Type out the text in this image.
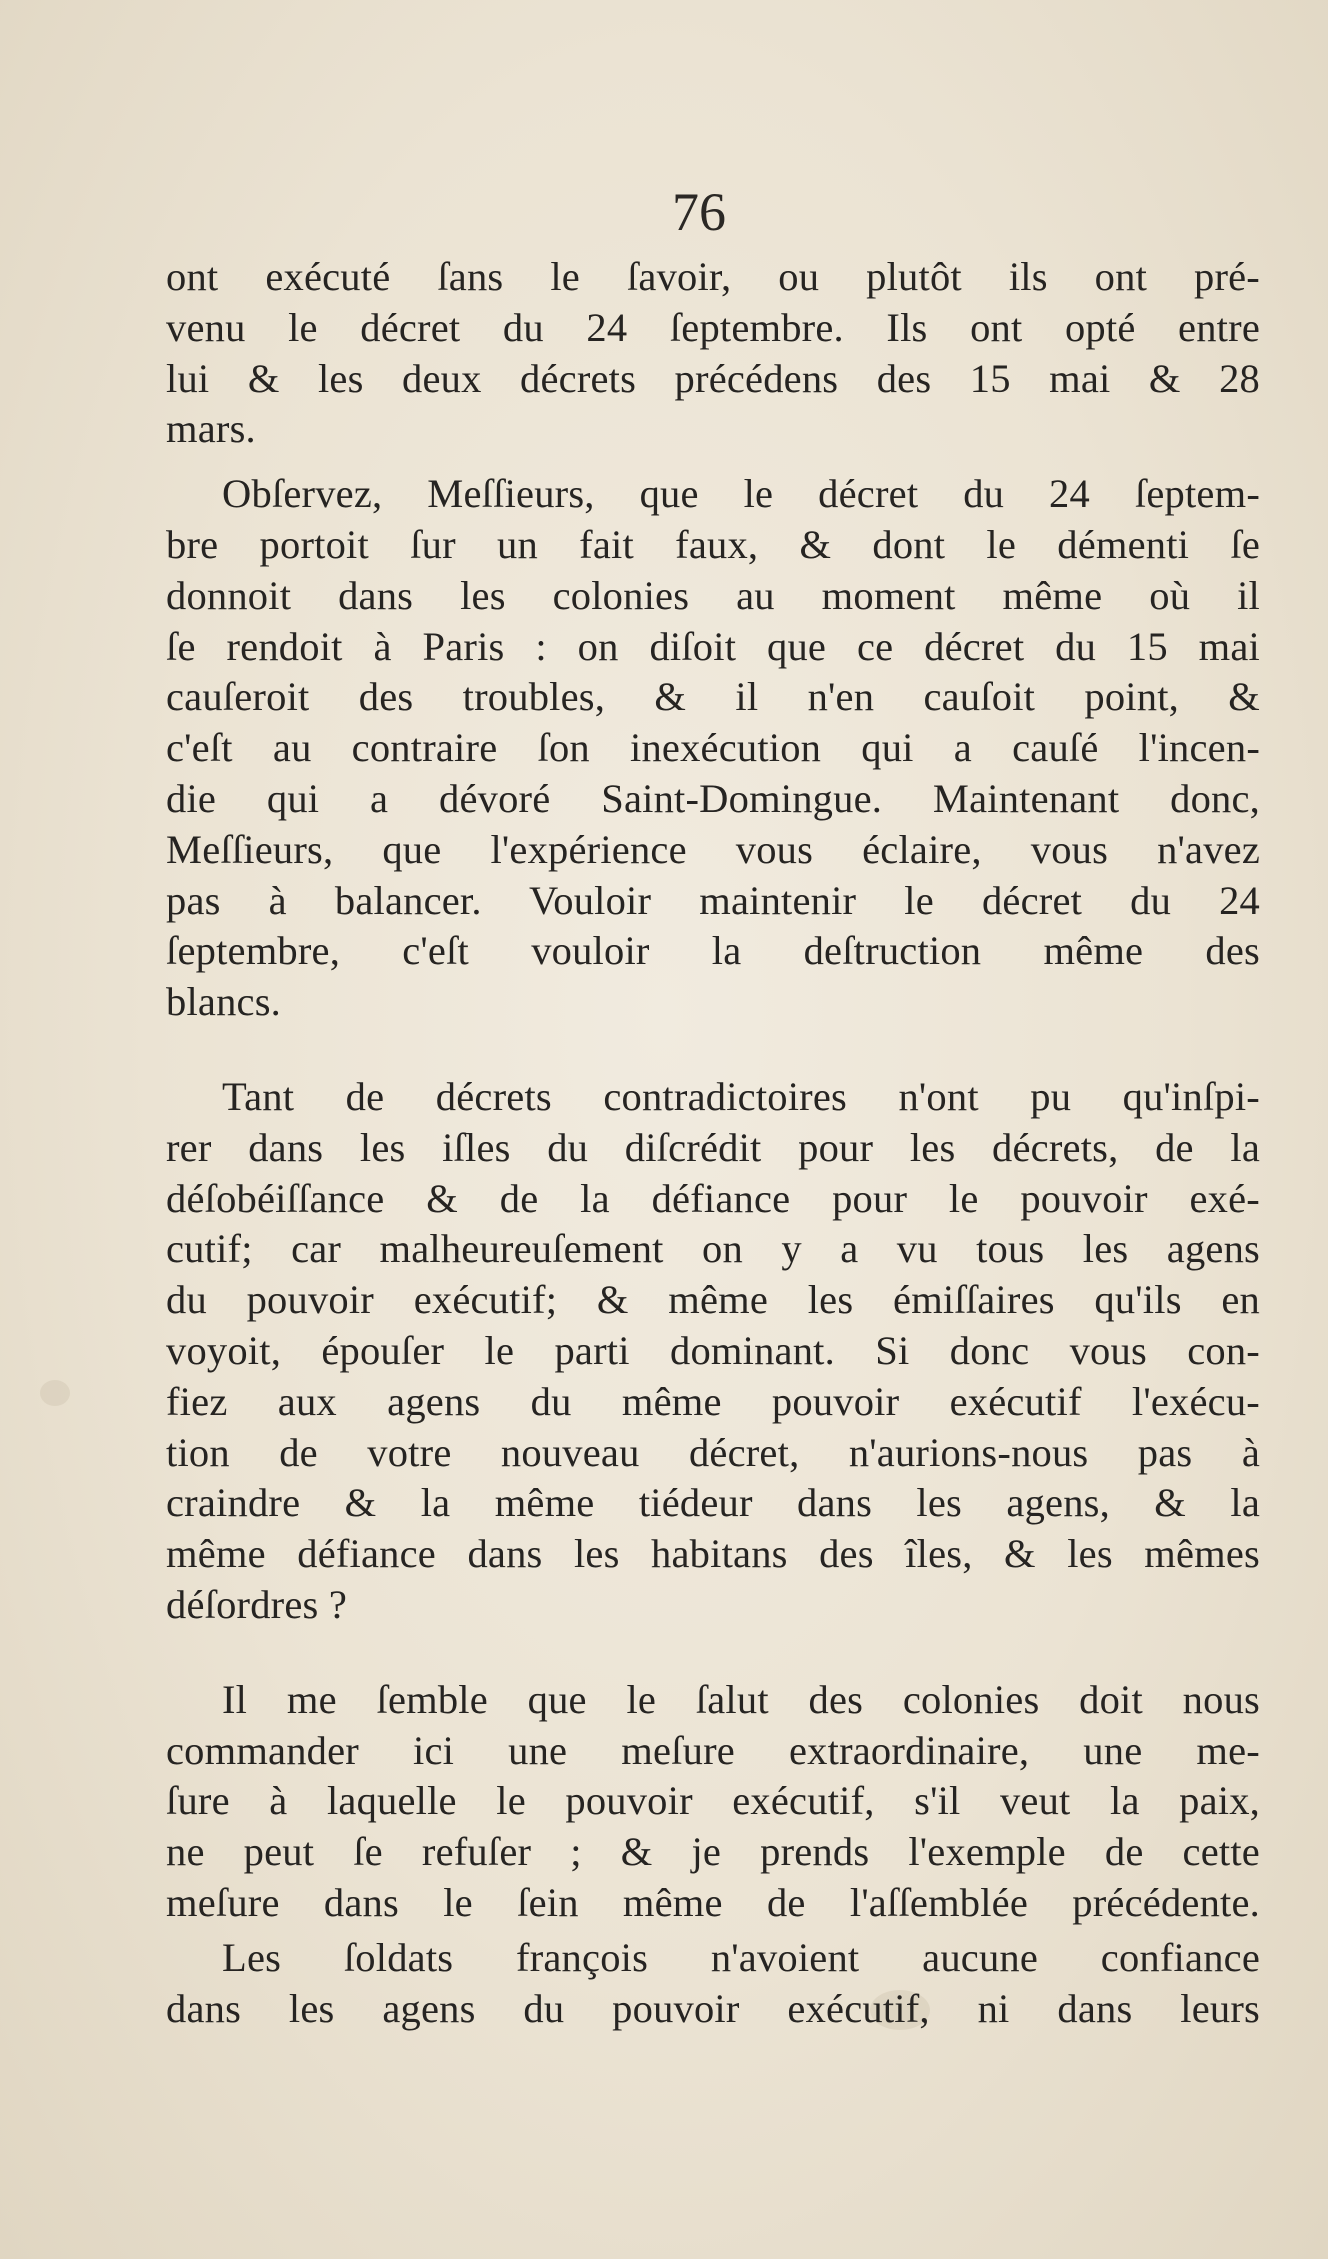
76
ont exécuté ſans le ſavoir, ou plutôt ils ont pré-
venu le décret du 24 ſeptembre. Ils ont opté entre
lui & les deux décrets précédens des 15 mai & 28
mars.
Obſervez, Meſſieurs, que le décret du 24 ſeptem-
bre portoit ſur un fait faux, & dont le démenti ſe
donnoit dans les colonies au moment même où il
ſe rendoit à Paris : on diſoit que ce décret du 15 mai
cauſeroit des troubles, & il n'en cauſoit point, &
c'eſt au contraire ſon inexécution qui a cauſé l'incen-
die qui a dévoré Saint-Domingue. Maintenant donc,
Meſſieurs, que l'expérience vous éclaire, vous n'avez
pas à balancer. Vouloir maintenir le décret du 24
ſeptembre, c'eſt vouloir la deſtruction même des
blancs.
Tant de décrets contradictoires n'ont pu qu'inſpi-
rer dans les iſles du diſcrédit pour les décrets, de la
déſobéiſſance & de la défiance pour le pouvoir exé-
cutif; car malheureuſement on y a vu tous les agens
du pouvoir exécutif; & même les émiſſaires qu'ils en
voyoit, épouſer le parti dominant. Si donc vous con-
fiez aux agens du même pouvoir exécutif l'exécu-
tion de votre nouveau décret, n'aurions-nous pas à
craindre & la même tiédeur dans les agens, & la
même défiance dans les habitans des îles, & les mêmes
déſordres ?
Il me ſemble que le ſalut des colonies doit nous
commander ici une meſure extraordinaire, une me-
ſure à laquelle le pouvoir exécutif, s'il veut la paix,
ne peut ſe refuſer ; & je prends l'exemple de cette
meſure dans le ſein même de l'aſſemblée précédente.
Les ſoldats françois n'avoient aucune confiance
dans les agens du pouvoir exécutif, ni dans leurs
